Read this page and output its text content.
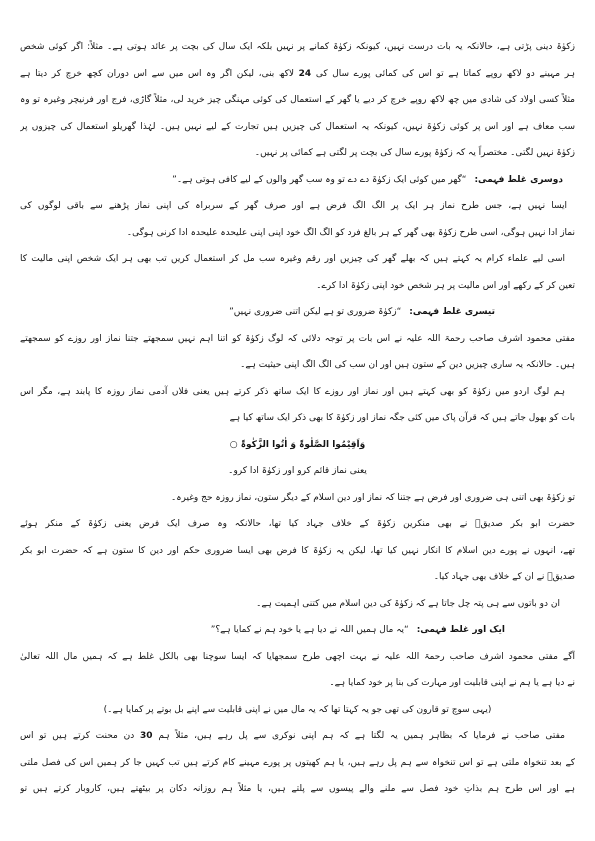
زکوٰۃ دینی پڑتی ہے، حالانکہ یہ بات درست نہیں، کیونکہ زکوٰۃ کمانے پر نہیں بلکہ ایک سال کی بچت پر عائد ہوتی ہے۔ مثلاً: اگر کوئی شخص
ہر مہینے دو لاکھ روپے کماتا ہے تو اس کی کمائی پورے سال کی 24 لاکھ بنی، لیکن اگر وہ اس میں سے اس دوران کچھ خرچ کر دیتا ہے
مثلاً کسی اولاد کی شادی میں چھ لاکھ روپے خرچ کر دیے یا گھر کے استعمال کی کوئی مہنگی چیز خرید لی، مثلاً گاڑی، فرج اور فرنیچر وغیرہ تو وہ
سب معاف ہے اور اس پر کوئی زکوٰۃ نہیں، کیونکہ یہ استعمال کی چیزیں ہیں تجارت کے لیے نہیں ہیں۔ لہٰذا گھریلو استعمال کی چیزوں پر
زکوٰۃ نہیں لگتی۔ مختصراً یہ کہ زکوٰۃ پورے سال کی بچت پر لگتی ہے کمائی پر نہیں۔
دوسری غلط فہمی:“گھر میں کوئی ایک زکوٰۃ دے دے تو وہ سب گھر والوں کے لیے کافی ہوتی ہے۔”
ایسا نہیں ہے، جس طرح نماز ہر ایک پر الگ الگ فرض ہے اور صرف گھر کے سربراہ کی اپنی نماز پڑھنے سے باقی لوگوں کی
نماز ادا نہیں ہوگی، اسی طرح زکوٰۃ بھی گھر کے ہر بالغ فرد کو الگ الگ خود اپنی اپنی علیحدہ علیحدہ ادا کرنی ہوگی۔
اسی لیے علماء کرام یہ کہتے ہیں کہ بھلے گھر کی چیزیں اور رقم وغیرہ سب مل کر استعمال کریں تب بھی ہر ایک شخص اپنی مالیت کا
تعین کر کے رکھے اور اس مالیت پر ہر شخص خود اپنی زکوٰۃ ادا کرے۔
تیسری غلط فہمی:“زکوٰۃ ضروری تو ہے لیکن اتنی ضروری نہیں”
مفتی محمود اشرف صاحب رحمۃ اللہ علیہ نے اس بات پر توجہ دلائی کہ لوگ زکوٰۃ کو اتنا اہم نہیں سمجھتے جتنا نماز اور روزے کو سمجھتے
ہیں۔ حالانکہ یہ ساری چیزیں دین کے ستون ہیں اور ان سب کی الگ الگ اپنی حیثیت ہے۔
ہم لوگ اردو میں زکوٰۃ کو بھی کہتے ہیں اور نماز اور روزے کا ایک ساتھ ذکر کرتے ہیں یعنی فلاں آدمی نماز روزہ کا پابند ہے، مگر اس
بات کو بھول جاتے ہیں کہ قرآن پاک میں کئی جگہ نماز اور زکوٰۃ کا بھی ذکر ایک ساتھ کیا ہے
وَاَقِیْمُوا الصَّلٰوۃَ وَ اٰتُوا الزَّکٰوۃَ ○
یعنی نماز قائم کرو اور زکوٰۃ ادا کرو۔
تو زکوٰۃ بھی اتنی ہی ضروری اور فرض ہے جتنا کہ نماز اور دین اسلام کے دیگر ستون، نماز روزہ حج وغیرہ۔
حضرت ابو بکر صدیقؓ نے بھی منکرین زکوٰۃ کے خلاف جہاد کیا تھا، حالانکہ وہ صرف ایک فرض یعنی زکوٰۃ کے منکر ہوئے
تھے، انہوں نے پورے دین اسلام کا انکار نہیں کیا تھا، لیکن یہ زکوٰۃ کا فرض بھی ایسا ضروری حکم اور دین کا ستون ہے کہ حضرت ابو بکر
صدیقؓ نے ان کے خلاف بھی جہاد کیا۔
ان دو باتوں سے ہی پتہ چل جاتا ہے کہ زکوٰۃ کی دین اسلام میں کتنی اہمیت ہے۔
ایک اور غلط فہمی:“یہ مال ہمیں اللہ نے دیا ہے یا خود ہم نے کمایا ہے؟”
آگے مفتی محمود اشرف صاحب رحمۃ اللہ علیہ نے بہت اچھی طرح سمجھایا کہ ایسا سوچنا بھی بالکل غلط ہے کہ ہمیں مال اللہ تعالیٰ
نے دیا ہے یا ہم نے اپنی قابلیت اور مہارت کی بنا پر خود کمایا ہے۔
(یہی سوچ تو قارون کی تھی جو یہ کہتا تھا کہ یہ مال میں نے اپنی قابلیت سے اپنے بل بوتے پر کمایا ہے۔)
مفتی صاحب نے فرمایا کہ بظاہر ہمیں یہ لگتا ہے کہ ہم اپنی نوکری سے پل رہے ہیں، مثلاً ہم 30 دن محنت کرتے ہیں تو اس
کے بعد تنخواہ ملتی ہے تو اس تنخواہ سے ہم پل رہے ہیں، یا ہم کھیتوں پر پورے مہینے کام کرتے ہیں تب کہیں جا کر ہمیں اس کی فصل ملتی
ہے اور اس طرح ہم بذاتِ خود فصل سے ملنے والے پیسوں سے پلتے ہیں، یا مثلاً ہم روزانہ دکان پر بیٹھتے ہیں، کاروبار کرتے ہیں تو
